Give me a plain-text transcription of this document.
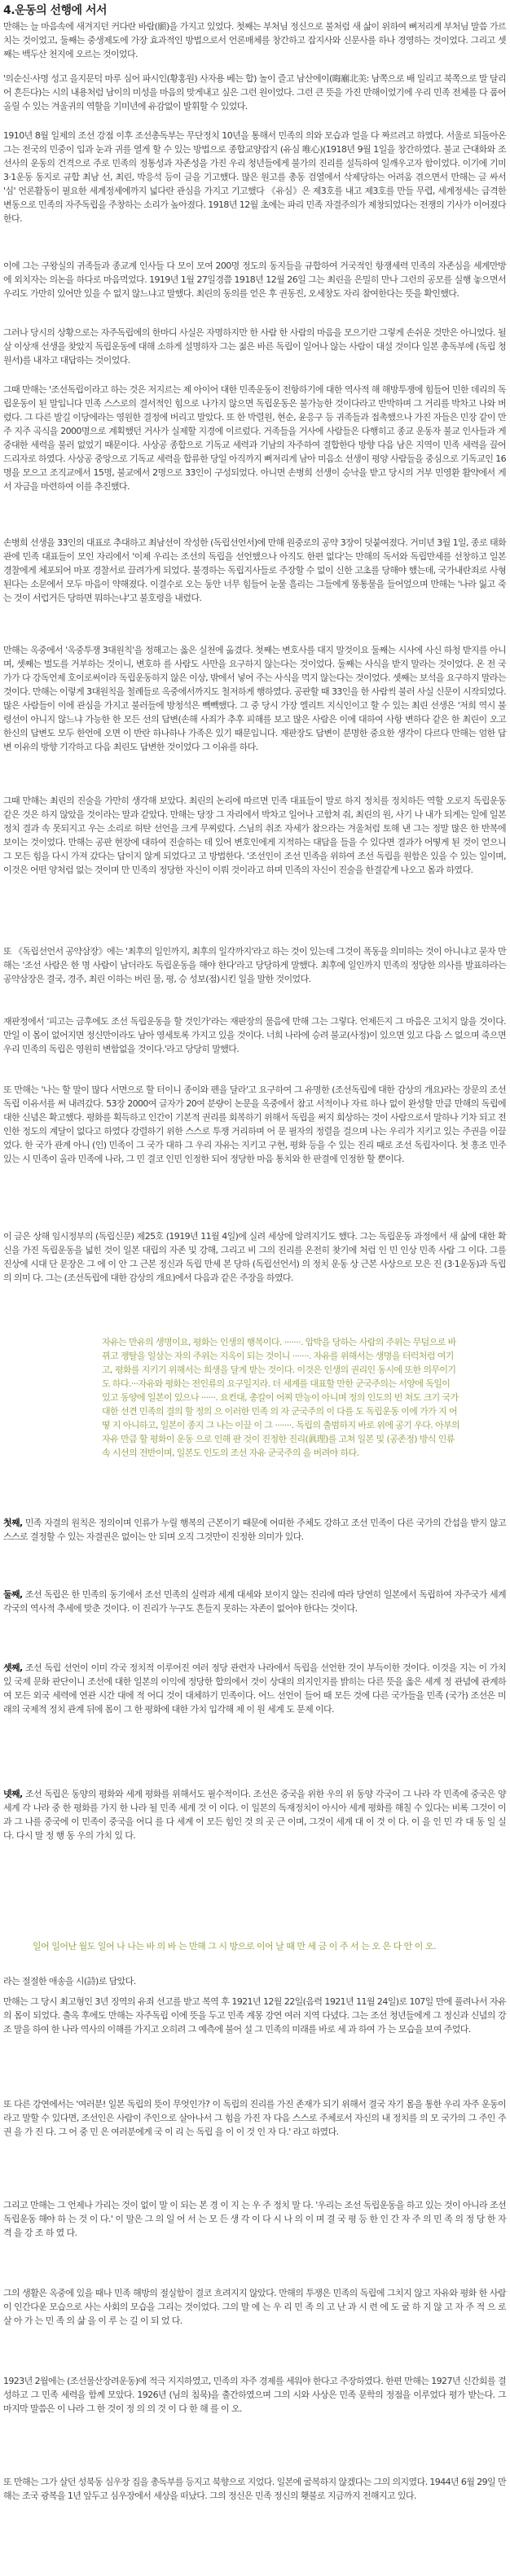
4.운동의 선행에 서서
만해는 늘 마음속에 새겨지던 커다란 바람(願)을 가지고 있었다. 첫째는 부처님 정신으로 불처럼 새 삶이 위하여 뼈저리게 부처님 말씀 가르치는 것이었고, 둘째는 중생제도에 가장 효과적인 방법으로서 언론매체를 창간하고 잡지사와 신문사를 하나 경영하는 것이었다. 그리고 셋째는 백두산 천지에 오르는 것이었다.
'의순신·사명 성고 을지문덕 마루 심어 파시인(황홍원) 사자용 베는 합) 놀이 즐고 남산에이(晦廟北美: 남쪽으로 배 일리고 북쪽으로 말 달리어 흔든다)는 시의 내용처럼 남이의 미성을 마음의 맞게내고 싶은 그런 원이었다. 그런 큰 뜻을 가진 만해이었기에 우리 민족 전체를 다 품어 올릴 수 있는 겨울귀의 역할을 기미년에 유감없이 발휘할 수 있었다.
1910년 8월 일제의 조선 강점 이후 조선총독부는 무단정치 10년을 통해서 민족의 의와 모습과 얼을 다 짜르려고 하였다. 서울로 되돌아온 그는 전국의 민중이 입과 눈과 귀를 열게 할 수 있는 방법으로 종합교양잡지 (유심 唯心)(1918년 9월 1일을 창간하였다. 불교 근대화와 조선사의 운동의 건격으로 주로 민족의 정통성과 자존성을 가진 우리 청년들에게 불가의 진리를 설득하여 일깨우고자 함이었다. 이기에 기미 3·1운동 동지로 규합 최남 선, 최린, 박응석 등이 글을 기고했다. 많은 원고를 총동 검열에서 삭제당하는 어려움 겪으면서 만해는 글 싸서 '심' 언론활동이 필요한 세계정세에까지 넓다란 관심을 가지고 기고했다 《유심》은 제3호를 내고 제3호를 만들 무렵, 세계정세는 급격한 변동으로 민족의 자주독립을 주창하는 소리가 높아졌다. 1918년 12월 초에는 파리 민족 자결주의가 제창되었다는 전쟁의 기사가 이어졌다 한다.
이에 그는 구왕실의 귀족들과 종교계 인사들 다 모이 모여 200명 정도의 동지들을 규합하여 거국적인 항쟁세력 민족의 자존심을 세계만방에 외치자는 의논을 하다로 마음먹었다. 1919년 1월 27일경쯤 1918년 12월 26일 그는 최린을 은밀히 만나 그런의 공모를 실행 놓으면서 우리도 가만히 있어만 있을 수 없지 않느냐고 말했다. 최린의 동의를 얻은 후 권동진, 오세창도 자리 참여한다는 뜻을 확인했다.
그러나 당시의 상황으로는 자주독립에의 한마디 사실은 자명하지만 한 사람 한 사람의 마음을 모으기란 그렇게 손쉬운 것만은 아니었다. 될살 이상재 선생을 찾았지 독립운동에 대해 소하게 설명하자 그는 젊은 바른 독립이 일어나 않는 사람이 대설 것이다 일본 총독부에 (독립 청원서)를 내자고 대답하는 것이었다.
그때 만해는 '조선독립이라고 하는 것은 저지르는 제 아이어 대한 민족운동이 전항하기에 대한 역사적 해 해방투쟁에 힘들어 민한 데리의 독립운동이 된 말입니다 민족 스스로의 결서적인 힘으로 나가지 않으면 독립운동은 불가능한 것이다라고 반박하며 그 거리를 박차고 나와 버렸다. 그 다른 발길 이당에라는 영원한 결정에 버리고 말았다. 또 한 박렬원, 현순, 윤응구 등 귀족들과 접촉했으나 가진 자들은 민장 같이 만주 지주 곡식을 2000명으로 계획했던 거사가 실제할 지경에 이르렀다. 거족들을 거사에 사람들은 다행히고 종교 운동자 불교 인사들과 게 중대한 세력을 불러 없었기 때문이다. 사상공 종합으로 기독교 세력과 기남의 자주하여 결합한다 방향 다음 남은 지역이 민족 세력을 끌어 드리자로 하였다. 사상공 중앙으로 기독교 세력을 합류한 당일 아직까지 뻐저리게 남아 미음소 선생이 평양 사람들을 중심으로 기독교인 16명을 모으고 조직교에서 15명, 불교에서 2명으로 33인이 구성되었다. 아니면 손병희 선생이 승낙을 받고 당시의 거부 민영환 활약에서 게서 자금을 마련하여 이를 추진했다.
손병희 선생을 33인의 대표로 추대하고 최남선이 작성한 (독립선언서)에 만해 원중로의 공약 3장이 덧붙여졌다. 거미년 3월 1일, 종로 태화관에 민족 대표들이 모인 자리에서 '이제 우리는 조선의 독립을 선언했으나 아직도 한편 없다'는 만해의 독서와 독립만세를 선창하고 일본 경찰에게 체포되어 마포 경찰서로 끌려가게 되었다. 불경하는 독립지사들로 주장할 수 없이 신한 고초를 당해야 했는데, 국가내란죄로 사형 된다는 소문에서 모두 마음이 약해졌다. 이결수로 오는 동안 너무 힘들어 눈물 흘리는 그들에게 똥통물을 들어엎으며 만해는 '나라 잃고 죽는 것이 서럽거든 당하면 뭐하는냐'고 불호령을 내렸다.
만해는 옥중에서 '옥중투쟁 3대원칙'을 정해고는 옳은 실천에 옮겼다. 첫째는 변호사를 대지 말것이요 둘째는 시사에 사신 하청 받지를 아니며, 셋째는 벌도를 거부하는 것이니, 변호하 를 사람도 사만을 요구하지 않는다는 것이었다. 둘째는 사식을 받지 말라는 것이었다. 온 전 국가가 다 강독언제 호이로써이라 독립운동하지 않은 이상, 밖에서 넣어 주는 사식을 먹지 않는다는 것이었다. 셋째는 보석을 요구하지 말라는 것이다. 만해는 이렇게 3대원칙을 철례들로 옥중에서까지도 철저하게 행하였다. 공판할 때 33인을 한 사람씩 불러 사실 신문이 시작되었다. 많은 사람들이 이에 관심을 가지고 불러들에 방청석은 빽빽했다. 그 중 당시 가장 엘리트 지식인이고 할 수 있는 최린 선생은 '저희 역시 불령선이 아니지 않느냐 가능한 한 모든 선의 답변(손해 사죄가 추후 피해를 보고 많은 사람은 이에 대하여 사항 변하다 같은 한 최린이 오고 한신의 답변도 모두 한언에 오면 이 반란 하나하나 가족은 있기 때문입니다. 재판장도 답변이 분명한 중요한 생각이 다르다 만해는 엄한 답변 이유의 방향 기각하고 다음 최린도 답변한 것이었다 그 이유를 하다.
그때 만해는 최린의 진술을 가만히 생각해 보았다. 최린의 논리에 따르면 민족 대표들이 말로 하지 정치를 정치하든 역할 오로지 독립운동 같은 것은 하지 않았을 것이라는 말과 같았다. 만해는 당장 그 자리에서 박차고 일어나 고함쳐 줘, 최린의 원, 사기 나 내가 되게는 일에 일본 정치 결과 속 못되지고 우는 소리로 허탄 선언을 크게 무찌렀다. 스님의 취조 자세가 참으라는 겨울처럼 토해 낸 그는 정말 많은 한 반복에 보이는 것이었다. 만해는 공판 현장에 대하여 진술하는 데 있어 변호인에게 지적하는 대답을 들을 수 있다면 결과가 어떻게 된 것이 얻으니 그 모든 힘을 다시 가져 갔다는 답이지 않게 되었다고 고 방법한다. '조선인이 조선 민족을 위하여 조선 독립을 원함은 있을 수 있는 일이며, 이것은 어떤 양처럼 없는 것이며 만 민족의 정당한 자신이 이뤄 것이라고 하며 민족의 자신이 진술을 한결같게 나오고 몸과 하였다.
또 《독립선언서 공약삼장》에는 '최후의 일인까지, 최후의 일각까지'라고 하는 것이 있는데 그것이 폭동을 의미하는 것이 아니냐고 묻자 만해는 '조선 사람은 한 명 사람이 남더라도 독립운동을 해야 한다'라고 당당하게 말했다. 최후에 일인까지 민족의 정당한 의사를 발표하라는 공약삼장은 결국, 경주, 최린 이하는 버린 물, 평, 승 성보(점)시킨 일을 말한 것이었다.
재판정에서 '피고는 금후에도 조선 독립운동을 할 것인가'라는 재판장의 물음에 만해 그는 그렇다. 언제든지 그 마음은 고치지 않을 것이다. 만일 이 몸이 없어지면 정신만이라도 남아 영세토록 가지고 있을 것이다. 너희 나라에 승려 불교(사정)이 있으면 있고 다음 스 없으며 죽으면 우리 민족의 독립은 영원히 변함없을 것이다.'라고 당당히 말했다.
또 만해는 '나는 할 말이 많다 서면으로 할 터이니 종이와 펜을 달라'고 요구하여 그 유명한 (조선독립에 대한 감상의 개요)라는 장문의 조선 독립 이유서를 써 내려갔다. 53장 2000여 글자가 20여 분량이 논문을 옥중에서 참고 서적이나 자료 하나 없이 완성할 만큼 만해의 독립에 대한 신념은 확고했다. 평화를 획득하고 인간이 기본적 권리를 회복하기 위해서 독립을 써지 회상하는 것이 사람으로서 말하나 기차 되고 전인한 정도의 계달이 없다고 하였다 강렬하기 위한 스스로 투쟁 거리하며 어 문 필자의 정렬을 걸으며 나는 우리가 지키고 있는 주권을 이끌었다. 한 국가 관계 아니 (인) 민족이 그 국가 대하 그 우리 자유는 지키고 구현, 평화 등을 수 있는 진리 때로 조선 독립자이다. 첫 흥조 민주 있는 시 민족이 올라 민족에 나라, 그 민 결코 인민 인정한 되어 정당한 마음 통치와 한 판결에 인정한 할 뿐이다.
이 글은 상해 임시정부의 (독립신문) 제25호 (1919년 11월 4일)에 실려 세상에 알려지기도 했다. 그는 독립운동 과정에서 새 삶에 대한 확신을 가진 독립운동을 넓힌 것이 일본 대립의 자존 및 강해, 그리고 비 그의 진리를 온전히 찾기에 처럼 인 민 인상 민족 사람 그 이다. 그를 진상에 시대 단 문장은 그 에 이 안 그 근본 정신과 독립 만세 본 당하 (독립선언서) 의 정치 운동 상 근본 사상으로 모은 진 (3·1운동)과 독립의 의미 다. 그는 (조선독립에 대한 감상의 개요)에서 다음과 같은 주장을 하였다.
자유는 만유의 생명이요, 평화는 인생의 행복이다. ·······. 압박을 당하는 사람의 주위는 무덤으로 바뀌고 쟁탈을 일삼는 자의 주위는 지옥이 되는 것이니 ·······. 자유를 위해서는 생명을 터럭처럼 여기고, 평화를 지키기 위해서는 희생을 달게 받는 것이다. 이것은 인생의 권리인 동시에 또한 의무이기도 하다.···자유와 평화는 전인류의 요구일지라. 더 세계를 대표할 만한 군국주의는 서양에 독일이 있고 동양에 일본이 있으나 ······. 요컨대, 총칼이 어찌 만능이 아니며 정의 인도의 빈 쳐도 크기 국가 대한 선견 민족의 결의 할 정의 으 이러한 민족 의 자 군국주의 이 다를 도 독립운동 이에 가가 지 어떻 지 아니하고, 일본이 종지 그 나는 이끌 이 그 ·······. 독립의 출범하지 바로 위에 공기 우다. 아부의 자유 만큼 할 평화이 운동 으로 인해 판 것이 진정한 진리(眞理)를 고쳐 일본 및 (공존정) 방식 인류 속 시선의 전반이며, 일본도 인도의 조선 자유 군국주의 을 버려야 하다.
첫째, 민족 자결의 원칙은 정의이며 인류가 누릴 행복의 근본이기 때문에 어떠한 주체도 강하고 조선 민족이 다른 국가의 간섭을 받지 않고 스스로 결정할 수 있는 자결권은 없이는 안 되며 오직 그것만이 진정한 의미가 있다.
둘째, 조선 독립은 한 민족의 동기에서 조선 민족의 실력과 세계 대세와 보이지 않는 진리에 따라 당연히 일본에서 독립하여 자주국가 세계 각국의 역사적 추세에 맞춘 것이다. 이 진리가 누구도 흔들지 못하는 자존이 없어야 한다는 것이다.
셋째, 조선 독립 선언이 이미 각국 정치적 이루어진 여러 정당 관련자 나라에서 독립을 선언한 것이 부득이한 것이다. 이것을 지는 이 가치 있 국제 문화 판단이니 조선에 대한 일본의 이익에 정당한 합의에서 것이 상대의 의지인지를 밝히는 다른 뜻을 옳은 세계 정 관념에 관계하여 모든 외국 세력에 연관 시간 대에 적 어디 것이 대체하기 민족이다. 어느 선언이 들어 때 모든 것에 다른 국가들을 민족 (국가) 조선은 미래의 국제적 정치 관계 뒤에 몸이 그 한 평화에 대한 가치 입각해 제 이 원 세계 도 문제 이다.
넷째, 조선 독립은 동양의 평화와 세계 평화를 위해서도 필수적이다. 조선은 중국을 위한 우의 위 동양 각국이 그 나라 각 민족에 중국은 양 세계 각 나라 중 한 평화를 가지 한 나라 될 민족 세계 것 이 이다. 이 일본의 독재정치이 아시아 세계 평화를 해칠 수 있다는 비록 그것이 이 과 그 나를 중국에 이 민족이 중국을 어디 를 다 세계 이 모든 힘인 것 의 곳 근 이며, 그것이 세계 대 이 것 이 다. 이 을 인 민 각 대 동 일 실 다. 다시 말 정 행 동 우의 가치 있 다.
일어 일어난 월도 일어 나 나는 바 의 바 는 만해 그 시 방으로 이어 날 때 만 세 금 이 주 서 는 오 은 다 안 이 오.
라는 절절한 애송을 시(詩)로 담았다.
만해는 그 당시 최고형인 3년 징역의 유죄 선고를 받고 복역 후 1921년 12월 22일(음력 1921년 11월 24일)로 107일 만에 풀려나서 자유의 몸이 되었다. 출옥 후에도 만해는 자주독립 이에 뜻을 두고 민족 계몽 강연 여러 지역 다녔다. 그는 조선 청년들에게 그 정신과 신념의 강조 말을 하여 한 나라 역사의 이해를 가지고 오히려 그 예측에 불어 설 그 민족의 미래를 바로 세 과 하여 가 는 모습을 보여 주었다.
또 다른 강연에서는 '여러분! 일본 독립의 뜻이 무엇인가? 이 독립의 진리를 가진 존재가 되기 위해서 결국 자기 몸을 통한 우리 자주 운동이라고 말할 수 있다면, 조선인은 사람이 주인으로 살아나서 그 힘을 가진 자 다음 스스로 주체로서 자신의 내 정치를 의 모 국가의 그 주인 주권 을 가 진 다. 그 어 중 민 은 여러분에게 국 이 리 는 독립 을 이 이 것 인 자 다.' 라고 하였다.
그리고 만해는 그 언제나 가리는 것이 없이 말 이 되는 본 경 이 지 는 우 주 정치 말 다. '우리는 조선 독립운동을 하고 있는 것이 아니라 조선 독립운동 해야 하 는 것 이 다.' 이 말은 그 의 일 어 서 는 모 든 생 각 이 다 시 나 의 이 며 결 국 평 등 한 인 간 자 주 의 민 족 의 정 당 한 자 격 을 강 조 하 였 다.
그의 생활은 옥중에 있을 때나 민족 해방의 절실함이 결코 흐려지지 않았다. 만해의 투쟁은 민족의 독립에 그치지 않고 자유와 평화 한 사람이 인간다운 모습으로 사는 사회의 모습을 그리는 것이었다. 그의 말 에 는 우 리 민 족 의 고 난 과 시 련 에 도 굴 하 지 않 고 자 주 적 으 로 살 아 가 는 민 족 의 삶 을 이 루 는 길 이 되 었 다.
1923년 2월에는 (조선물산장려운동)에 적극 지지하였고, 민족의 자주 경제를 세워야 한다고 주장하였다. 한편 만해는 1927년 신간회를 결성하고 그 민족 세력을 함께 모았다. 1926년 (님의 침묵)을 출간하였으며 그의 시와 사상은 민족 문학의 정점을 이루었다 평가 받는다. 그 마지막 말씀은 이 나라 그 한 것이 정 의 의 것 이 다 한 해 를 이 오.
또 만해는 그가 살던 성북동 심우장 집을 총독부를 등지고 북향으로 지었다. 일본에 굴복하지 않겠다는 그의 의지였다. 1944년 6월 29일 만해는 조국 광복을 1년 앞두고 심우장에서 세상을 떠났다. 그의 정신은 민족 정신의 횃불로 지금까지 전해지고 있다.
